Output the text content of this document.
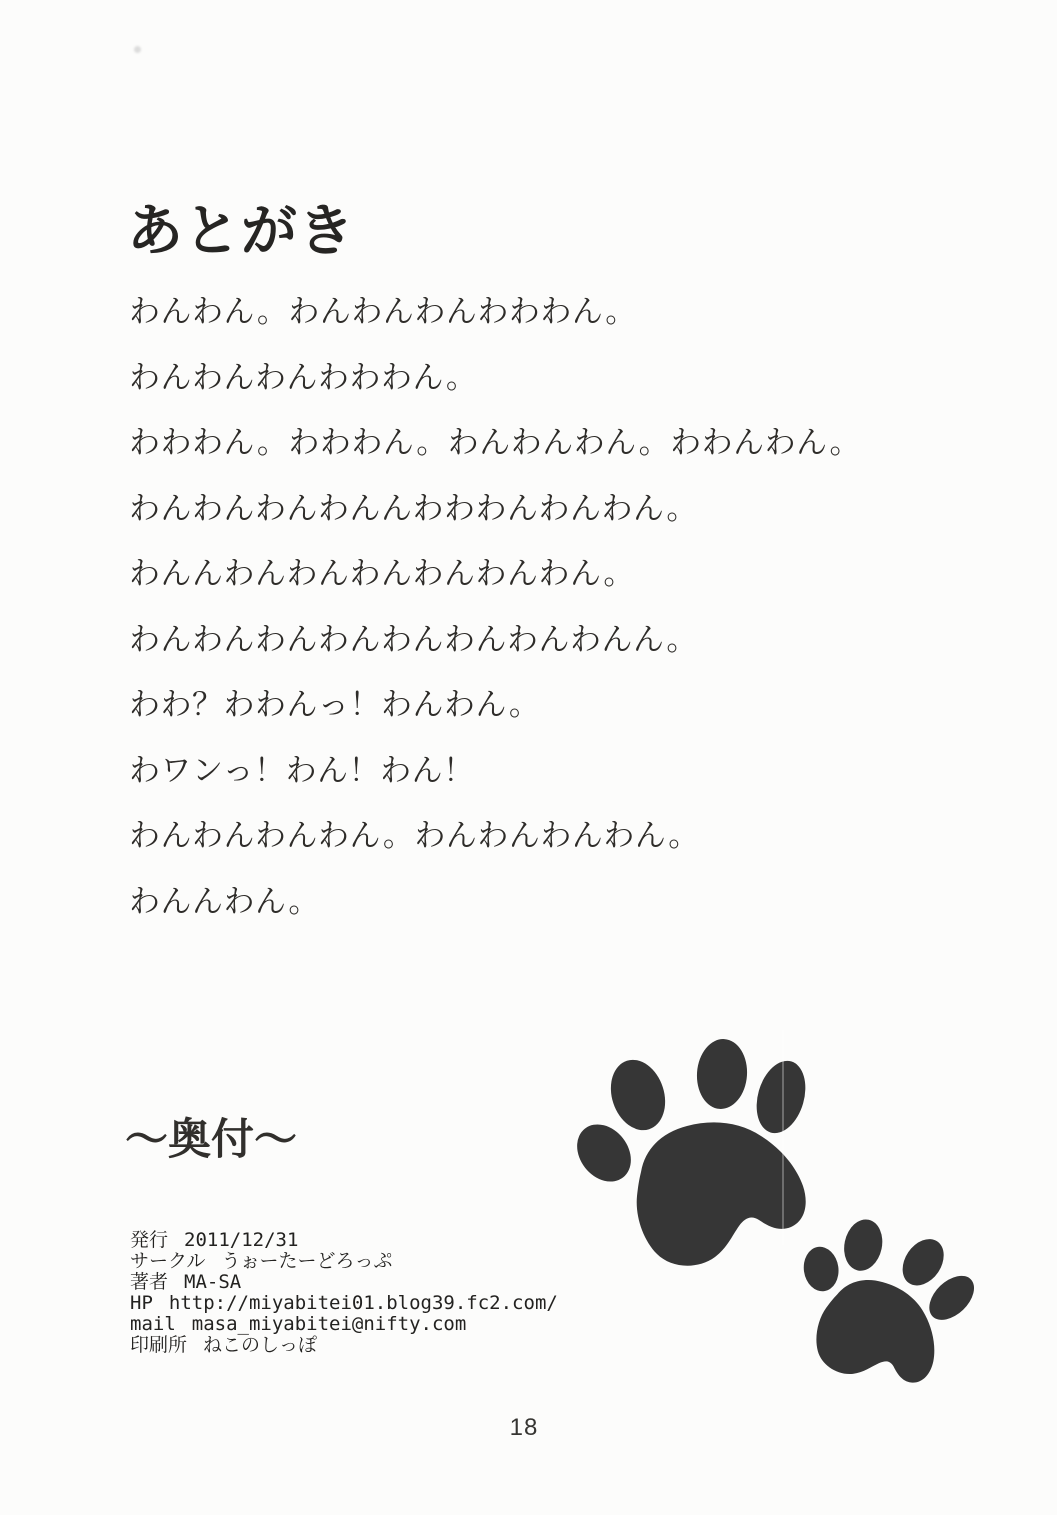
あとがき

わんわん。わんわんわんわわわん。

わんわんわんわわわん。

わわわん。わわわん。わんわんわん。わわんわん。

わんわんわんわんんわわわんわんわん。

わんんわんわんわんわんわんわん。

わんわんわんわんわんわんわんわんん。

わわ？わわんっ！わんわん。

わワンっ！わん！わん！

わんわんわんわん。わんわんわんわん。

わんんわん。

〜奥付〜
発行 2011/12/31
サークル うぉーたーどろっぷ
著者 MA-SA
HP http://miyabitei01.blog39.fc2.com/
mail masa_miyabitei@nifty.com
印刷所 ねこのしっぽ
18
